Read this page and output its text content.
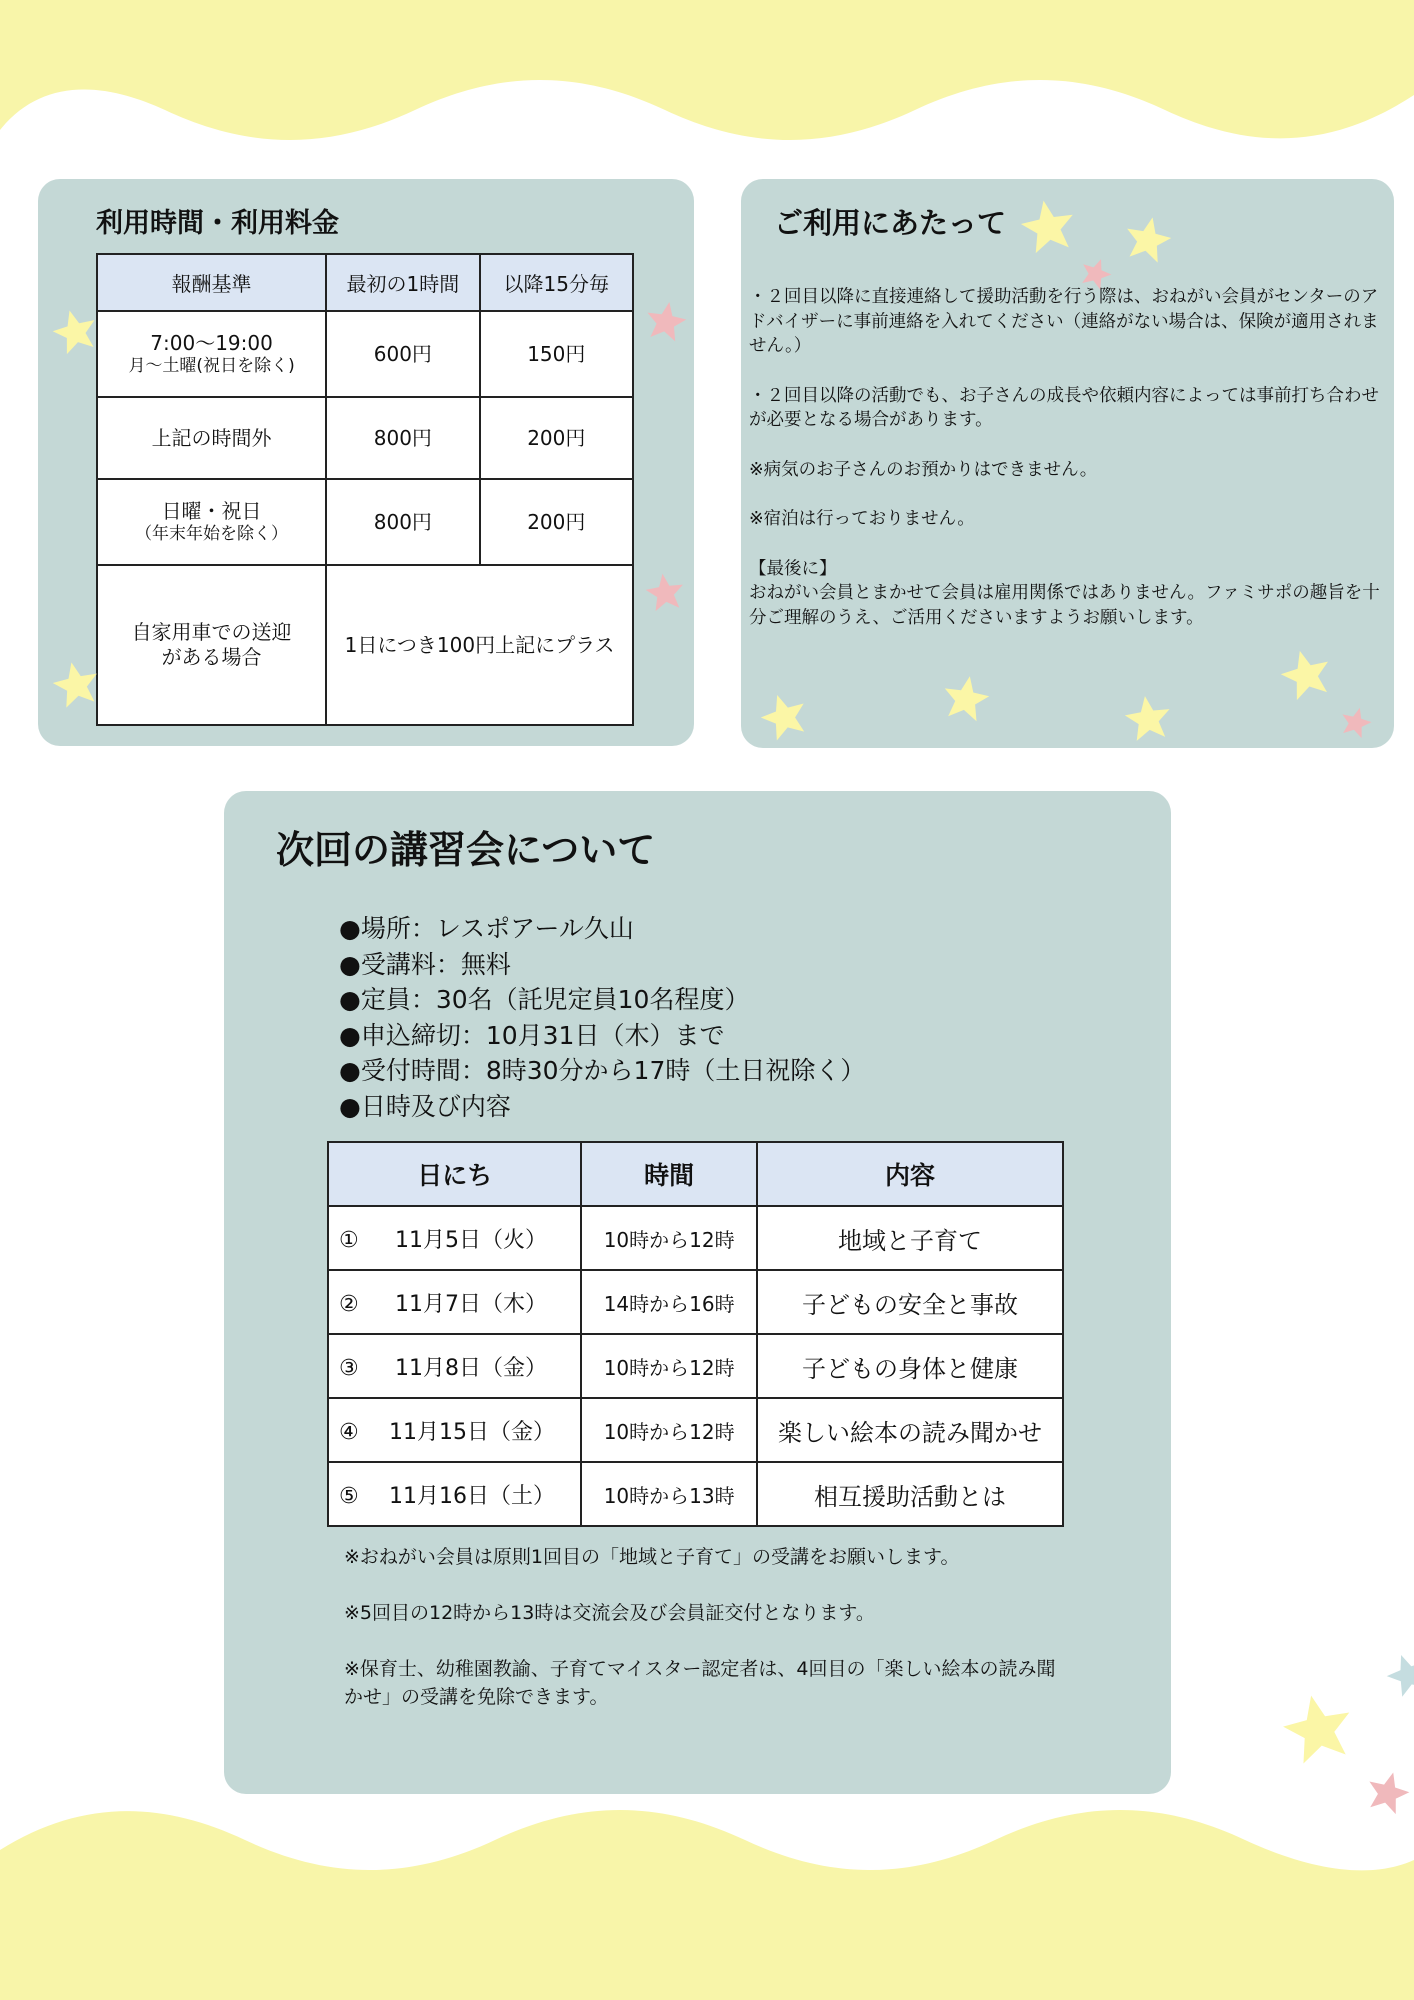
利用時間・利用料金
報酬基準	最初の1時間	以降15分毎
7:00～19:00
月～土曜(祝日を除く)	600円	150円
上記の時間外	800円	200円
日曜・祝日
（年末年始を除く）	800円	200円
自家用車での送迎
がある場合	1日につき100円上記にプラス	
ご利用にあたって

・２回目以降に直接連絡して援助活動を行う際は、おねがい会員がセンターのアドバイザーに事前連絡を入れてください（連絡がない場合は、保険が適用されません。）

・２回目以降の活動でも、お子さんの成長や依頼内容によっては事前打ち合わせが必要となる場合があります。

※病気のお子さんのお預かりはできません。

※宿泊は行っておりません。

【最後に】
おねがい会員とまかせて会員は雇用関係ではありません。ファミサポの趣旨を十分ご理解のうえ、ご活用くださいますようお願いします。

次回の講習会について
●場所：レスポアール久山
●受講料：無料
●定員：30名（託児定員10名程度）
●申込締切：10月31日（木）まで
●受付時間：8時30分から17時（土日祝除く）
●日時及び内容
日にち	時間	内容
① 11月5日（火）	10時から12時	地域と子育て
② 11月7日（木）	14時から16時	子どもの安全と事故
③ 11月8日（金）	10時から12時	子どもの身体と健康
④ 11月15日（金）	10時から12時	楽しい絵本の読み聞かせ
⑤ 11月16日（土）	10時から13時	相互援助活動とは

※おねがい会員は原則1回目の「地域と子育て」の受講をお願いします。

※5回目の12時から13時は交流会及び会員証交付となります。

※保育士、幼稚園教諭、子育てマイスター認定者は、4回目の「楽しい絵本の読み聞かせ」の受講を免除できます。
